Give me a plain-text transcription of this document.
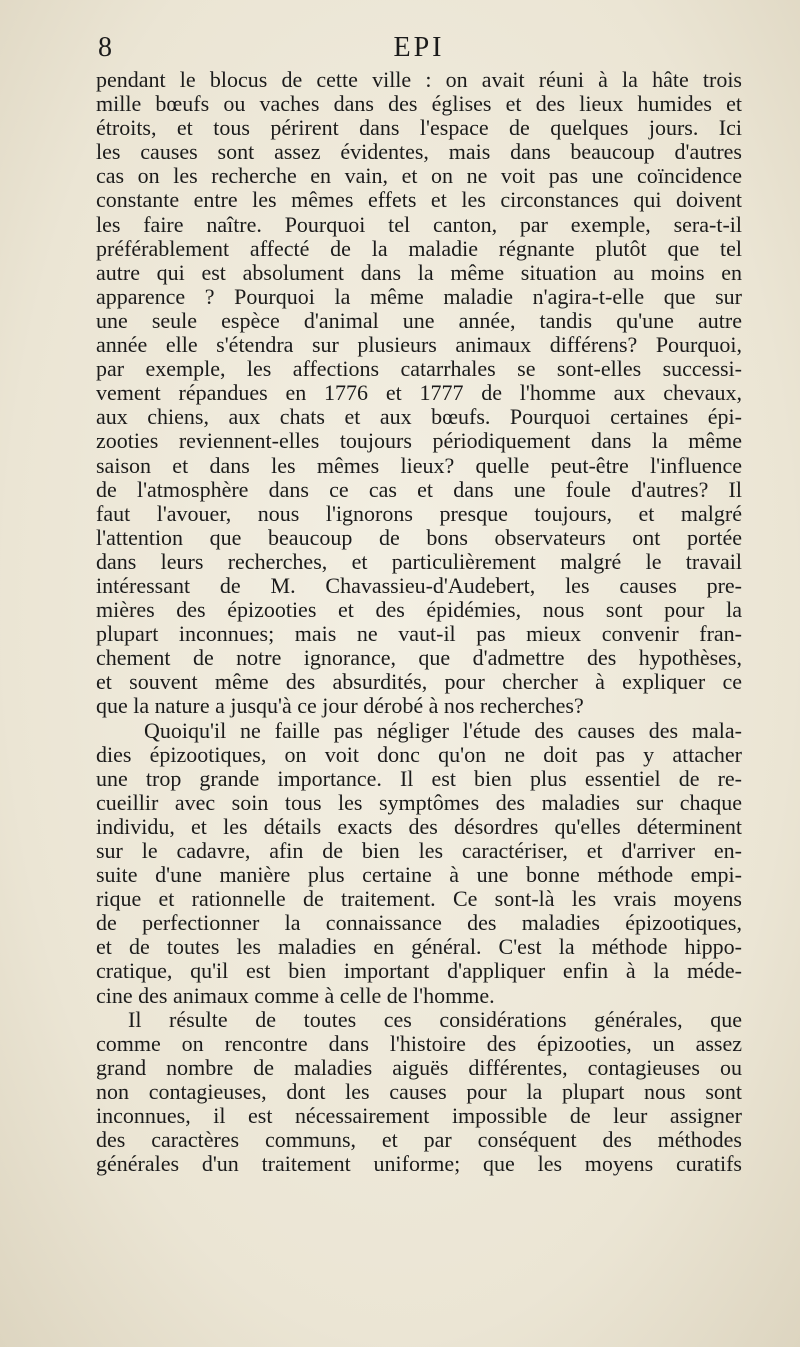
8	EPI
pendant le blocus de cette ville : on avait réuni à la hâte trois
mille bœufs ou vaches dans des églises et des lieux humides et
étroits, et tous périrent dans l'espace de quelques jours. Ici
les causes sont assez évidentes, mais dans beaucoup d'autres
cas on les recherche en vain, et on ne voit pas une coïncidence
constante entre les mêmes effets et les circonstances qui doivent
les faire naître. Pourquoi tel canton, par exemple, sera-t-il
préférablement affecté de la maladie régnante plutôt que tel
autre qui est absolument dans la même situation au moins en
apparence ? Pourquoi la même maladie n'agira-t-elle que sur
une seule espèce d'animal une année, tandis qu'une autre
année elle s'étendra sur plusieurs animaux différens? Pourquoi,
par exemple, les affections catarrhales se sont-elles successi-
vement répandues en 1776 et 1777 de l'homme aux chevaux,
aux chiens, aux chats et aux bœufs. Pourquoi certaines épi-
zooties reviennent-elles toujours périodiquement dans la même
saison et dans les mêmes lieux? quelle peut-être l'influence
de l'atmosphère dans ce cas et dans une foule d'autres? Il
faut l'avouer, nous l'ignorons presque toujours, et malgré
l'attention que beaucoup de bons observateurs ont portée
dans leurs recherches, et particulièrement malgré le travail
intéressant de M. Chavassieu-d'Audebert, les causes pre-
mières des épizooties et des épidémies, nous sont pour la
plupart inconnues; mais ne vaut-il pas mieux convenir fran-
chement de notre ignorance, que d'admettre des hypothèses,
et souvent même des absurdités, pour chercher à expliquer ce
que la nature a jusqu'à ce jour dérobé à nos recherches?
Quoiqu'il ne faille pas négliger l'étude des causes des mala-
dies épizootiques, on voit donc qu'on ne doit pas y attacher
une trop grande importance. Il est bien plus essentiel de re-
cueillir avec soin tous les symptômes des maladies sur chaque
individu, et les détails exacts des désordres qu'elles déterminent
sur le cadavre, afin de bien les caractériser, et d'arriver en-
suite d'une manière plus certaine à une bonne méthode empi-
rique et rationnelle de traitement. Ce sont-là les vrais moyens
de perfectionner la connaissance des maladies épizootiques,
et de toutes les maladies en général. C'est la méthode hippo-
cratique, qu'il est bien important d'appliquer enfin à la méde-
cine des animaux comme à celle de l'homme.
Il résulte de toutes ces considérations générales, que
comme on rencontre dans l'histoire des épizooties, un assez
grand nombre de maladies aiguës différentes, contagieuses ou
non contagieuses, dont les causes pour la plupart nous sont
inconnues, il est nécessairement impossible de leur assigner
des caractères communs, et par conséquent des méthodes
générales d'un traitement uniforme; que les moyens curatifs
